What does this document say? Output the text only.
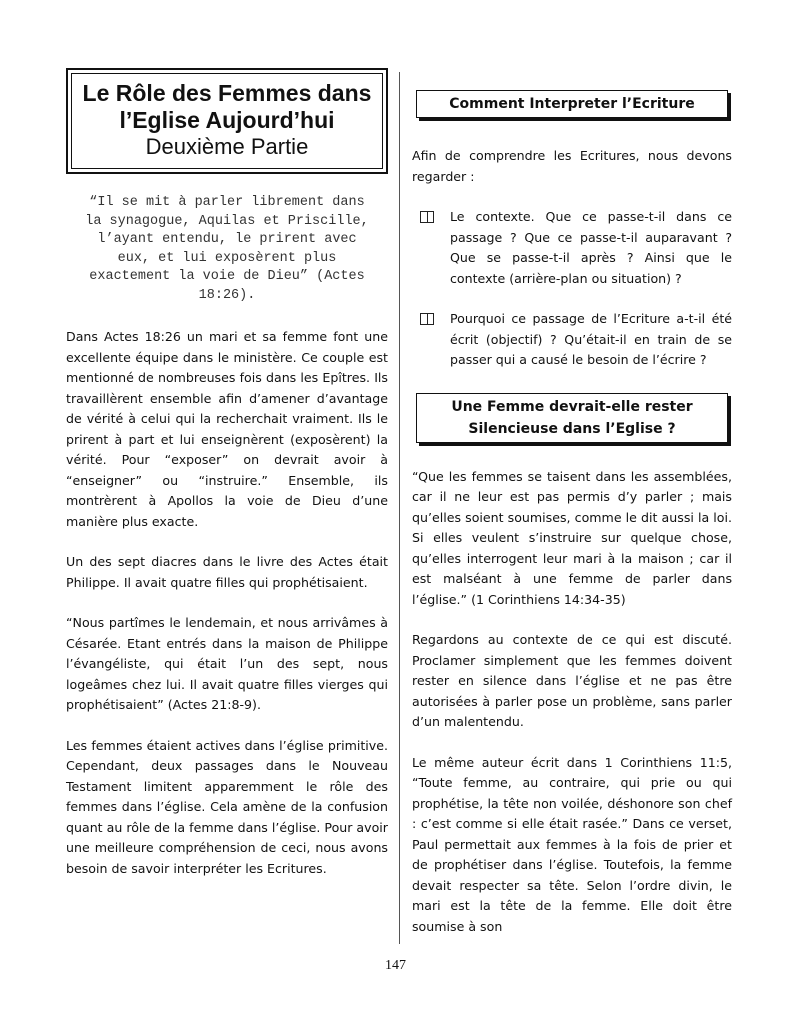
Le Rôle des Femmes dans

l’Eglise Aujourd’hui

Deuxième Partie

“Il se mit à parler librement dans la synagogue, Aquilas et Priscille, l’ayant entendu, le prirent avec eux, et lui exposèrent plus exactement la voie de Dieu” (Actes 18:26).

Dans Actes 18:26 un mari et sa femme font une excellente équipe dans le ministère. Ce couple est mentionné de nombreuses fois dans les Epîtres. Ils travaillèrent ensemble afin d’amener d’avantage de vérité à celui qui la recherchait vraiment. Ils le prirent à part et lui enseignèrent (exposèrent) la vérité. Pour “exposer” on devrait avoir à “enseigner” ou “instruire.” Ensemble, ils montrèrent à Apollos la voie de Dieu d’une manière plus exacte.

Un des sept diacres dans le livre des Actes était Philippe. Il avait quatre filles qui prophétisaient.

“Nous partîmes le lendemain, et nous arrivâmes à Césarée. Etant entrés dans la maison de Philippe l’évangéliste, qui était l’un des sept, nous logeâmes chez lui. Il avait quatre filles vierges qui prophétisaient” (Actes 21:8-9).

Les femmes étaient actives dans l’église primitive. Cependant, deux passages dans le Nouveau Testament limitent apparemment le rôle des femmes dans l’église. Cela amène de la confusion quant au rôle de la femme dans l’église. Pour avoir une meilleure compréhension de ceci, nous avons besoin de savoir interpréter les Ecritures.

Comment Interpreter l’Ecriture

Afin de comprendre les Ecritures, nous devons regarder :

Le contexte. Que ce passe-t-il dans ce passage ? Que ce passe-t-il auparavant ? Que se passe-t-il après ? Ainsi que le contexte (arrière-plan ou situation) ?
Pourquoi ce passage de l’Ecriture a-t-il été écrit (objectif) ? Qu’était-il en train de se passer qui a causé le besoin de l’écrire ?
Une Femme devrait-elle rester
Silencieuse dans l’Eglise ?

“Que les femmes se taisent dans les assemblées, car il ne leur est pas permis d’y parler ; mais qu’elles soient soumises, comme le dit aussi la loi. Si elles veulent s’instruire sur quelque chose, qu’elles interrogent leur mari à la maison ; car il est malséant à une femme de parler dans l’église.” (1 Corinthiens 14:34-35)

Regardons au contexte de ce qui est discuté. Proclamer simplement que les femmes doivent rester en silence dans l’église et ne pas être autorisées à parler pose un problème, sans parler d’un malentendu.

Le même auteur écrit dans 1 Corinthiens 11:5, “Toute femme, au contraire, qui prie ou qui prophétise, la tête non voilée, déshonore son chef : c’est comme si elle était rasée.” Dans ce verset, Paul permettait aux femmes à la fois de prier et de prophétiser dans l’église. Toutefois, la femme devait respecter sa tête. Selon l’ordre divin, le mari est la tête de la femme. Elle doit être soumise à son

147
